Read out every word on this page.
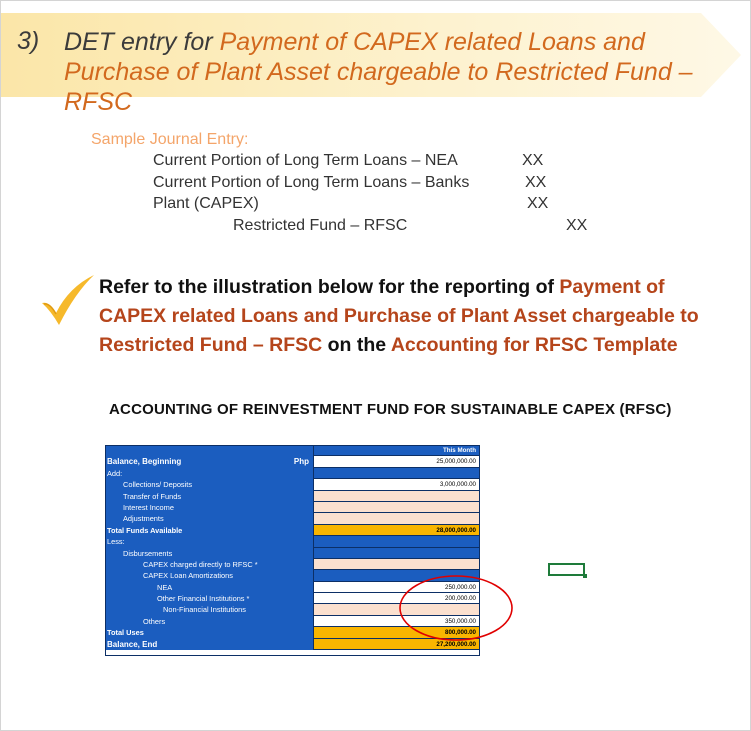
3) DET entry for Payment of CAPEX related Loans and Purchase of Plant Asset chargeable to Restricted Fund – RFSC
Sample Journal Entry:
Current Portion of Long Term Loans – NEA	XX
Current Portion of Long Term Loans – Banks	XX
Plant (CAPEX)	XX
Restricted Fund – RFSC	XX
Refer to the illustration below for the reporting of Payment of CAPEX related Loans and Purchase of Plant Asset chargeable to Restricted Fund – RFSC on the Accounting for RFSC Template
ACCOUNTING OF REINVESTMENT FUND FOR SUSTAINABLE CAPEX (RFSC)
This Month
Balance, Beginning	Php	25,000,000.00
Add:
Collections/ Deposits	3,000,000.00
Transfer of Funds
Interest Income
Adjustments
Total Funds Available	28,000,000.00
Less:
Disbursements
CAPEX charged directly to RFSC *
CAPEX Loan Amortizations
NEA	250,000.00
Other Financial Institutions *	200,000.00
Non-Financial Institutions
Others	350,000.00
Total Uses	800,000.00
Balance, End	27,200,000.00
